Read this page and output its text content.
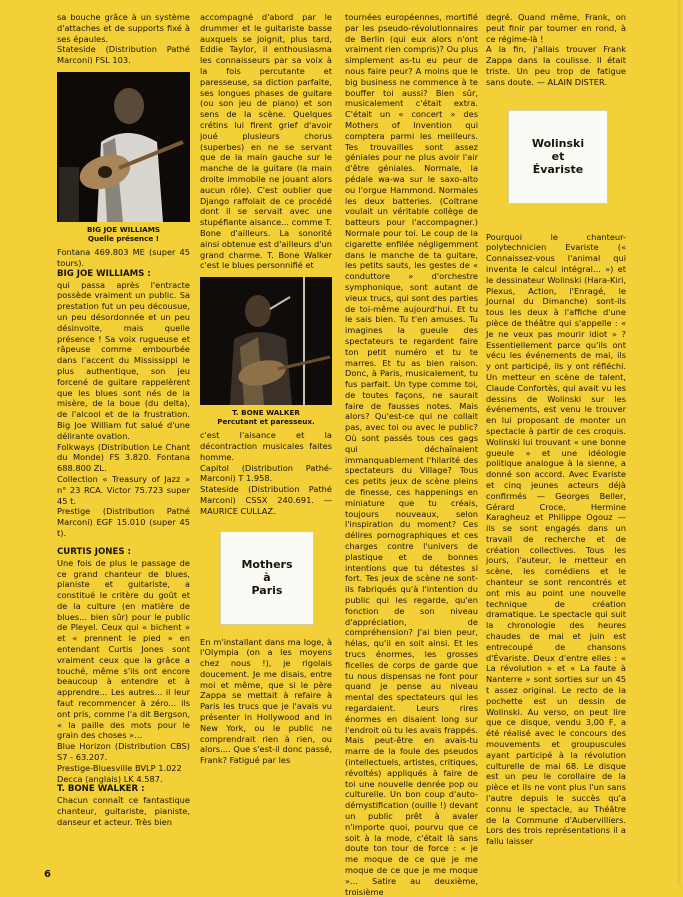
sa bouche grâce à un système d'attaches et de supports fixé à ses épaules.
Stateside (Distribution Pathé Marconi) FSL 103.

BIG JOE WILLIAMS
Quelle présence !

Fontana 469.803 ME (super 45 tours).

BIG JOE WILLIAMS :

qui passa après l'entracte possède vraiment un public. Sa prestation fut un peu décousue, un peu désordonnée et un peu désinvolte, mais quelle présence ! Sa voix rugueuse et râpeuse comme embourbée dans l'accent du Mississippi le plus authentique, son jeu forcené de guitare rappelèrent que les blues sont nés de la misère, de la boue (du delta), de l'alcool et de la frustration. Big Joe William fut salué d'une délirante ovation.
Folkways (Distribution Le Chant du Monde) FS 3.820. Fontana 688.800 ZL.
Collection « Treasury of Jazz » n° 23 RCA. Victor 75.723 super 45 t.
Prestige (Distribution Pathé Marconi) EGF 15.010 (super 45 t).

CURTIS JONES :

Une fois de plus le passage de ce grand chanteur de blues, pianiste et guitariste, a constitué le critère du goût et de la culture (en matière de blues... bien sûr) pour le public de Pleyel. Ceux qui « bichent » et « prennent le pied » en entendant Curtis Jones sont vraiment ceux que la grâce a touché, même s'ils ont encore beaucoup à entendre et à apprendre... Les autres... il leur faut recommencer à zéro... ils ont pris, comme l'a dit Bergson, « la paille des mots pour le grain des choses »...
Blue Horizon (Distribution CBS) S7 - 63.207.
Prestige-Bluesville BVLP 1.022
Decca (anglais) LK 4.587.

T. BONE WALKER :

Chacun connaît ce fantastique chanteur, guitariste, pianiste, danseur et acteur. Très bien

accompagné d'abord par le drummer et le guitariste basse auxquels se joignit, plus tard, Eddie Taylor, il enthousiasma les connaisseurs par sa voix à la fois percutante et paresseuse, sa diction parfaite, ses longues phases de guitare (ou son jeu de piano) et son sens de la scène. Quelques crétins lui firent grief d'avoir joué plusieurs chorus (superbes) en ne se servant que de la main gauche sur le manche de la guitare (la main droite immobile ne jouant alors aucun rôle). C'est oublier que Django raffolait de ce procédé dont il se servait avec une stupéfiante aisance... comme T. Bone d'ailleurs. La sonorité ainsi obtenue est d'ailleurs d'un grand charme. T. Bone Walker c'est le blues personnifié et

T. BONE WALKER
Percutant et paresseux.

c'est l'aisance et la décontraction musicales faites homme.
Capitol (Distribution Pathé-Marconi) T 1.958.
Stateside (Distribution Pathé Marconi) CSSX 240.691. — MAURICE CULLAZ.

Mothers
à
Paris

En m'installant dans ma loge, à l'Olympia (on a les moyens chez nous !), je rigolais doucement. Je me disais, entre moi et même, que si le père Zappa se mettait à refaire à Paris les trucs que je l'avais vu présenter in Hollywood and in New York, ou le public ne comprendrait rien à rien, ou alors.... Que s'est-il donc passé, Frank? Fatigué par les

tournées européennes, mortifié par les pseudo-révolutionnaires de Berlin (qui eux alors n'ont vraiment rien compris)? Ou plus simplement as-tu eu peur de nous faire peur? A moins que le big business ne commence à te bouffer toi aussi? Bien sûr, musicalement c'était extra. C'était un « concert » des Mothers of Invention qui comptera parmi les meilleurs. Tes trouvailles sont assez géniales pour ne plus avoir l'air d'être géniales. Normale, la pédale wa-wa sur le saxo-alto ou l'orgue Hammond. Normales les deux batteries. (Coltrane voulait un véritable collège de batteurs pour l'accompagner.) Normale pour toi. Le coup de la cigarette enfilée négligemment dans le manche de ta guitare, les petits sauts, les gestes de « conduttore » d'orchestre symphonique, sont autant de vieux trucs, qui sont des parties de toi-même aujourd'hui. Et tu le sais bien. Tu t'en amuses. Tu imagines la gueule des spectateurs te regardent faire ton petit numéro et tu te marres. Et tu as bien raison. Donc, à Paris, musicalement, tu fus parfait. Un type comme toi, de toutes façons, ne saurait faire de fausses notes. Mais alors? Qu'est-ce qui ne collait pas, avec toi ou avec le public? Où sont passés tous ces gags qui déchaînaient immanquablement l'hilarité des spectateurs du Village? Tous ces petits jeux de scène pleins de finesse, ces happenings en miniature que tu créais, toujours nouveaux, selon l'inspiration du moment? Ces délires pornographiques et ces charges contre l'univers de plastique et de bonnes intentions que tu détestes si fort. Tes jeux de scène ne sont-ils fabriqués qu'à l'intention du public qui les regarde, qu'en fonction de son niveau d'appréciation, de compréhension? J'ai bien peur, hélas, qu'il en soit ainsi. Et les trucs énormes, les grosses ficelles de corps de garde que tu nous dispensas ne font pour quand je pense au niveau mental des spectateurs qui les regardaient. Leurs rires énormes en disaient long sur l'endroit où tu les avais frappés. Mais peut-être en avais-tu marre de la foule des pseudos (intellectuels, artistes, critiques, révoltés) appliqués à faire de toi une nouvelle denrée pop ou culturelle. Un bon coup d'auto-démystification (ouille !) devant un public prêt à avaler n'importe quoi, pourvu que ce soit à la mode, c'était là sans doute ton tour de force : « je me moque de ce que je me moque de ce que je me moque »... Satire au deuxième, troisième

degré. Quand même, Frank, on peut finir par tourner en rond, à ce régime-là !
A la fin, j'allais trouver Frank Zappa dans la coulisse. Il était triste. Un peu trop de fatigue sans doute. — ALAIN DISTER.

Wolinski
et
Évariste

Pourquoi le chanteur-polytechnicien Evariste (« Connaissez-vous l'animal qui inventa le calcul intégral... ») et le dessinateur Wolinski (Hara-Kiri, Plexus, Action, l'Enragé, le Journal du Dimanche) sont-ils tous les deux à l'affiche d'une pièce de théâtre qui s'appelle : « Je ne veux pas mourir idiot » ? Essentiellement parce qu'ils ont vécu les événements de mai, ils y ont participé, ils y ont réfléchi. Un metteur en scène de talent, Claude Confortès, qui avait vu les dessins de Wolinski sur les événements, est venu le trouver en lui proposant de monter un spectacle à partir de ces croquis. Wolinski lui trouvant « une bonne gueule » et une idéologie politique analogue à la sienne, a donné son accord. Avec Evariste et cinq jeunes acteurs déjà confirmés — Georges Beller, Gérard Croce, Hermine Karagheuz et Philippe Ogouz — ils se sont engagés dans un travail de recherche et de création collectives. Tous les jours, l'auteur, le metteur en scène, les comédiens et le chanteur se sont rencontrés et ont mis au point une nouvelle technique de création dramatique. Le spectacle qui suit la chronologie des heures chaudes de mai et juin est entrecoupé de chansons d'Évariste. Deux d'entre elles : « La révolution » et « La faute à Nanterre » sont sorties sur un 45 t assez original. Le recto de la pochette est un dessin de Wolinski. Au verso, on peut lire que ce disque, vendu 3,00 F, a été réalisé avec le concours des mouvements et groupuscules ayant participé à la révolution culturelle de mai 68. Le disque est un peu le corollaire de la pièce et ils ne vont plus l'un sans l'autre depuis le succès qu'a connu le spectacle, au Théâtre de la Commune d'Aubervilliers. Lors des trois représentations il a fallu laisser

6
